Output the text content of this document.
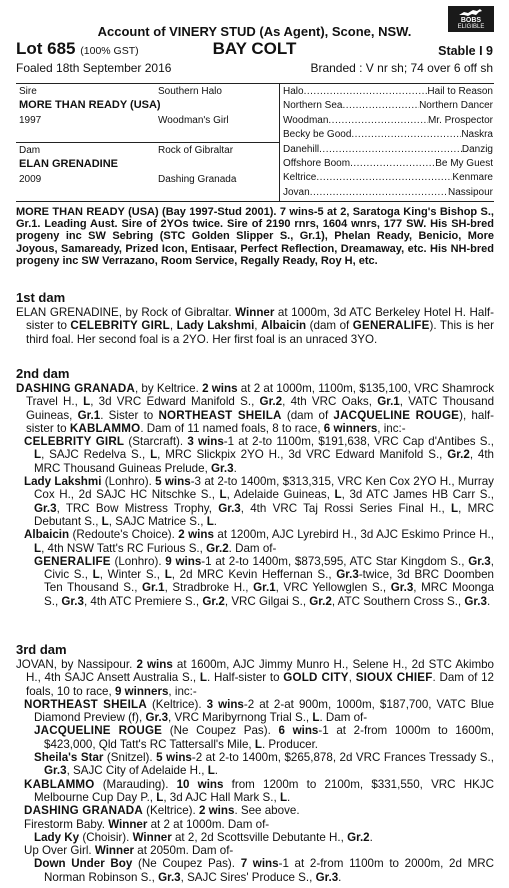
BOBS
ELIGIBLE
Account of VINERY STUD (As Agent), Scone, NSW.
BAY COLT
Lot 685 (100% GST)	Stable I 9
Foaled 18th September 2016	Branded : V nr sh; 74 over 6 off sh
Sire	Southern Halo
MORE THAN READY (USA)
1997	Woodman's Girl
Dam	Rock of Gibraltar
ELAN GRENADINE
2009	Dashing Granada
Halo .....	Hail to Reason
Northern Sea .....	Northern Dancer
Woodman .....	Mr. Prospector
Becky be Good .....	Naskra
Danehill .....	Danzig
Offshore Boom .....	Be My Guest
Keltrice .....	Kenmare
Jovan .....	Nassipour
MORE THAN READY (USA) (Bay 1997-Stud 2001). 7 wins-5 at 2, Saratoga King's Bishop S., Gr.1. Leading Aust. Sire of 2YOs twice. Sire of 2190 rnrs, 1604 wnrs, 177 SW. His SH-bred progeny inc SW Sebring (STC Golden Slipper S., Gr.1), Phelan Ready, Benicio, More Joyous, Samaready, Prized Icon, Entisaar, Perfect Reflection, Dreamaway, etc. His NH-bred progeny inc SW Verrazano, Room Service, Regally Ready, Roy H, etc.
1st dam

ELAN GRENADINE, by Rock of Gibraltar. Winner at 1000m, 3d ATC Berkeley Hotel H. Half-sister to CELEBRITY GIRL, Lady Lakshmi, Albaicin (dam of GENERALIFE). This is her third foal. Her second foal is a 2YO. Her first foal is an unraced 3YO.

2nd dam

DASHING GRANADA, by Keltrice. 2 wins at 2 at 1000m, 1100m, $135,100, VRC Shamrock Travel H., L, 3d VRC Edward Manifold S., Gr.2, 4th VRC Oaks, Gr.1, VATC Thousand Guineas, Gr.1. Sister to NORTHEAST SHEILA (dam of JACQUELINE ROUGE), half-sister to KABLAMMO. Dam of 11 named foals, 8 to race, 6 winners, inc:-

CELEBRITY GIRL (Starcraft). 3 wins-1 at 2-to 1100m, $191,638, VRC Cap d'Antibes S., L, SAJC Redelva S., L, MRC Slickpix 2YO H., 3d VRC Edward Manifold S., Gr.2, 4th MRC Thousand Guineas Prelude, Gr.3.

Lady Lakshmi (Lonhro). 5 wins-3 at 2-to 1400m, $313,315, VRC Ken Cox 2YO H., Murray Cox H., 2d SAJC HC Nitschke S., L, Adelaide Guineas, L, 3d ATC James HB Carr S., Gr.3, TRC Bow Mistress Trophy, Gr.3, 4th VRC Taj Rossi Series Final H., L, MRC Debutant S., L, SAJC Matrice S., L.

Albaicin (Redoute's Choice). 2 wins at 1200m, AJC Lyrebird H., 3d AJC Eskimo Prince H., L, 4th NSW Tatt's RC Furious S., Gr.2. Dam of-

GENERALIFE (Lonhro). 9 wins-1 at 2-to 1400m, $873,595, ATC Star Kingdom S., Gr.3, Civic S., L, Winter S., L, 2d MRC Kevin Heffernan S., Gr.3-twice, 3d BRC Doomben Ten Thousand S., Gr.1, Stradbroke H., Gr.1, VRC Yellowglen S., Gr.3, MRC Moonga S., Gr.3, 4th ATC Premiere S., Gr.2, VRC Gilgai S., Gr.2, ATC Southern Cross S., Gr.3.

3rd dam

JOVAN, by Nassipour. 2 wins at 1600m, AJC Jimmy Munro H., Selene H., 2d STC Akimbo H., 4th SAJC Ansett Australia S., L. Half-sister to GOLD CITY, SIOUX CHIEF. Dam of 12 foals, 10 to race, 9 winners, inc:-

NORTHEAST SHEILA (Keltrice). 3 wins-2 at 2-at 900m, 1000m, $187,700, VATC Blue Diamond Preview (f), Gr.3, VRC Maribyrnong Trial S., L. Dam of-

JACQUELINE ROUGE (Ne Coupez Pas). 6 wins-1 at 2-from 1000m to 1600m, $423,000, Qld Tatt's RC Tattersall's Mile, L. Producer.

Sheila's Star (Snitzel). 5 wins-2 at 2-to 1400m, $265,878, 2d VRC Frances Tressady S., Gr.3, SAJC City of Adelaide H., L.

KABLAMMO (Marauding). 10 wins from 1200m to 2100m, $331,550, VRC HKJC Melbourne Cup Day P., L, 3d AJC Hall Mark S., L.

DASHING GRANADA (Keltrice). 2 wins. See above.

Firestorm Baby. Winner at 2 at 1000m. Dam of-

Lady Ky (Choisir). Winner at 2, 2d Scottsville Debutante H., Gr.2.

Up Over Girl. Winner at 2050m. Dam of-

Down Under Boy (Ne Coupez Pas). 7 wins-1 at 2-from 1100m to 2000m, 2d MRC Norman Robinson S., Gr.3, SAJC Sires' Produce S., Gr.3.
